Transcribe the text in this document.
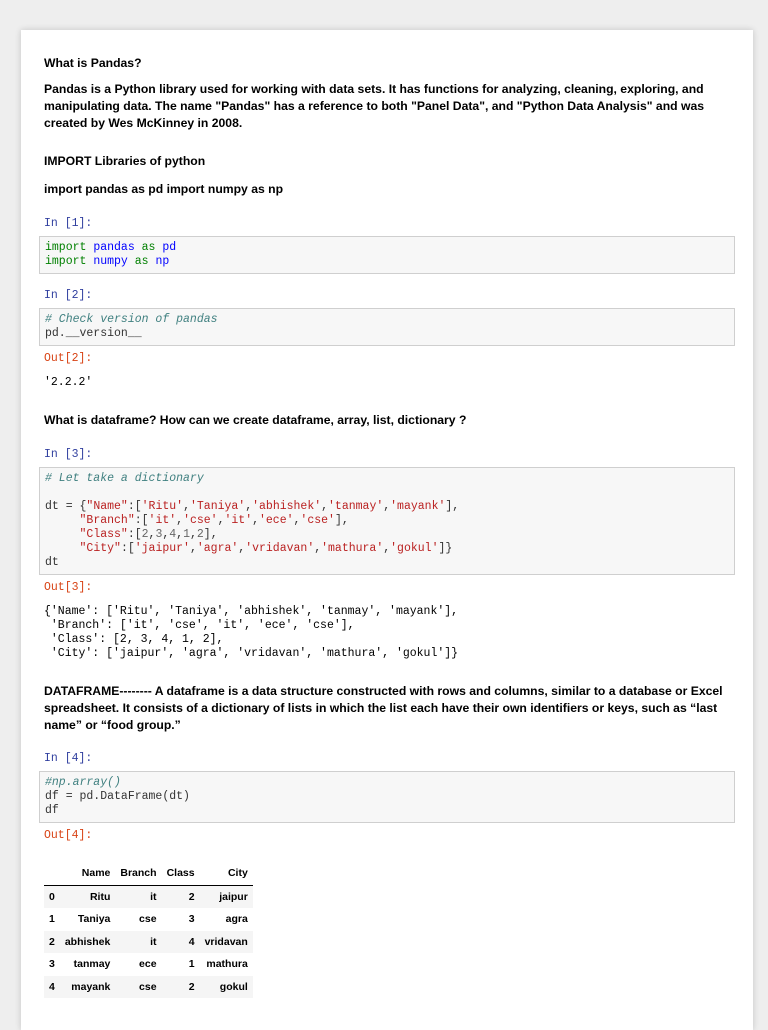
What is Pandas?
Pandas is a Python library used for working with data sets. It has functions for analyzing, cleaning, exploring, and manipulating data. The name "Pandas" has a reference to both "Panel Data", and "Python Data Analysis" and was created by Wes McKinney in 2008.
IMPORT Libraries of python
import pandas as pd import numpy as np
In [1]:
import pandas as pd
import numpy as np
In [2]:
# Check version of pandas
pd.__version__
Out[2]:
'2.2.2'
What is dataframe? How can we create dataframe, array, list, dictionary ?
In [3]:
# Let take a dictionary

dt = {"Name":['Ritu','Taniya','abhishek','tanmay','mayank'],
"Branch":['it','cse','it','ece','cse'],
"Class":[2,3,4,1,2],
"City":['jaipur','agra','vridavan','mathura','gokul']}
dt
Out[3]:
{'Name': ['Ritu', 'Taniya', 'abhishek', 'tanmay', 'mayank'],
'Branch': ['it', 'cse', 'it', 'ece', 'cse'],
'Class': [2, 3, 4, 1, 2],
'City': ['jaipur', 'agra', 'vridavan', 'mathura', 'gokul']}
DATAFRAME-------- A dataframe is a data structure constructed with rows and columns, similar to a database or Excel spreadsheet. It consists of a dictionary of lists in which the list each have their own identifiers or keys, such as “last name” or “food group.”
In [4]:
#np.array()
df = pd.DataFrame(dt)
df
Out[4]:
	Name	Branch	Class	City
0	Ritu	it	2	jaipur
1	Taniya	cse	3	agra
2	abhishek	it	4	vridavan
3	tanmay	ece	1	mathura
4	mayank	cse	2	gokul
